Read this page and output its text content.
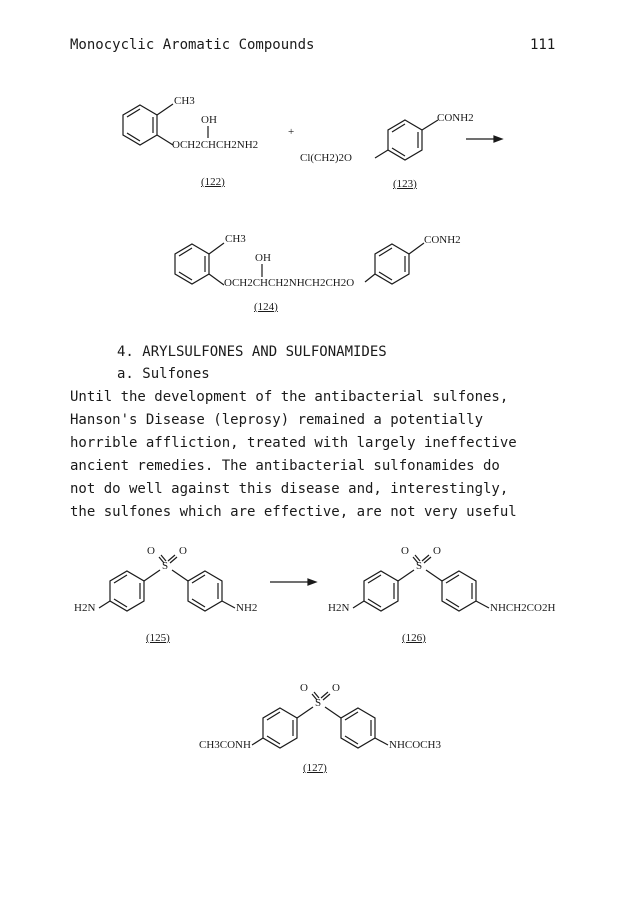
Monocyclic Aromatic Compounds	111
CH3
OH
OCH2CHCH2NH2
(122)
+
Cl(CH2)2O
CONH2
(123)
CH3
OH
OCH2CHCH2NHCH2CH2O
CONH2
(124)
4. ARYLSULFONES AND SULFONAMIDES
a. Sulfones
Until the development of the antibacterial sulfones,
Hanson's Disease (leprosy) remained a potentially
horrible affliction, treated with largely ineffective
ancient remedies. The antibacterial sulfonamides do
not do well against this disease and, interestingly,
the sulfones which are effective, are not very useful
O O
S
H2N	NH2
(125)
O O
S
H2N	NHCH2CO2H
(126)
O O
S
CH3CONH	NHCOCH3
(127)
